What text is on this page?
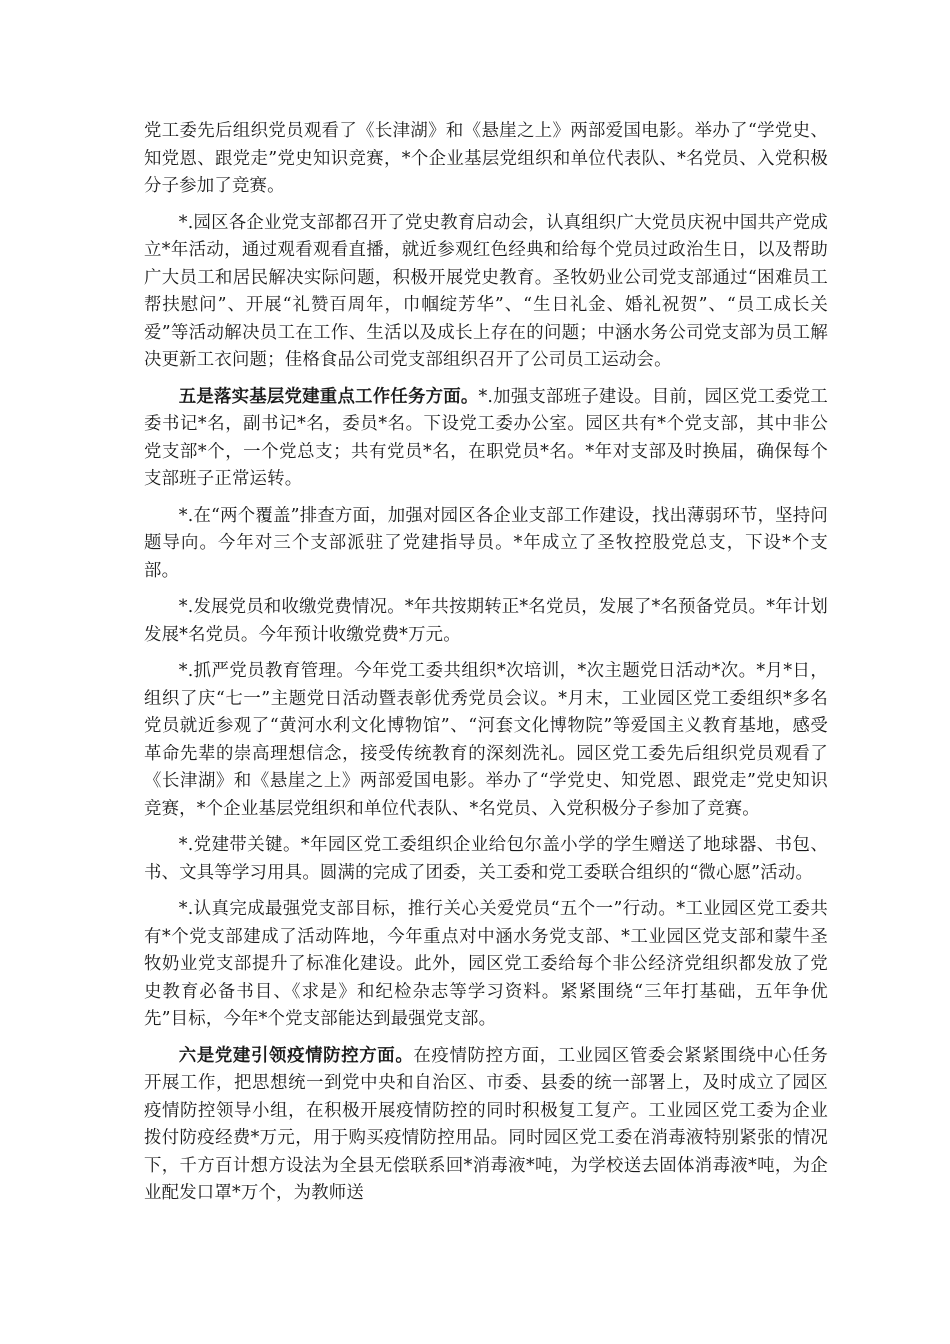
党工委先后组织党员观看了《长津湖》和《悬崖之上》两部爱国电影。举办了“学党史、知党恩、跟党走”党史知识竞赛，*个企业基层党组织和单位代表队、*名党员、入党积极分子参加了竞赛。

*.园区各企业党支部都召开了党史教育启动会，认真组织广大党员庆祝中国共产党成立*年活动，通过观看观看直播，就近参观红色经典和给每个党员过政治生日，以及帮助广大员工和居民解决实际问题，积极开展党史教育。圣牧奶业公司党支部通过“困难员工帮扶慰问”、开展“礼赞百周年，巾帼绽芳华”、“生日礼金、婚礼祝贺”、“员工成长关爱”等活动解决员工在工作、生活以及成长上存在的问题；中涵水务公司党支部为员工解决更新工衣问题；佳格食品公司党支部组织召开了公司员工运动会。

五是落实基层党建重点工作任务方面。*.加强支部班子建设。目前，园区党工委党工委书记*名，副书记*名，委员*名。下设党工委办公室。园区共有*个党支部，其中非公党支部*个，一个党总支；共有党员*名，在职党员*名。*年对支部及时换届，确保每个支部班子正常运转。

*.在“两个覆盖”排查方面，加强对园区各企业支部工作建设，找出薄弱环节，坚持问题导向。今年对三个支部派驻了党建指导员。*年成立了圣牧控股党总支，下设*个支部。

*.发展党员和收缴党费情况。*年共按期转正*名党员，发展了*名预备党员。*年计划发展*名党员。今年预计收缴党费*万元。

*.抓严党员教育管理。今年党工委共组织*次培训，*次主题党日活动*次。*月*日，组织了庆“七一”主题党日活动暨表彰优秀党员会议。*月末，工业园区党工委组织*多名党员就近参观了“黄河水利文化博物馆”、“河套文化博物院”等爱国主义教育基地，感受革命先辈的崇高理想信念，接受传统教育的深刻洗礼。园区党工委先后组织党员观看了《长津湖》和《悬崖之上》两部爱国电影。举办了“学党史、知党恩、跟党走”党史知识竞赛，*个企业基层党组织和单位代表队、*名党员、入党积极分子参加了竞赛。

*.党建带关键。*年园区党工委组织企业给包尔盖小学的学生赠送了地球器、书包、书、文具等学习用具。圆满的完成了团委，关工委和党工委联合组织的“微心愿”活动。

*.认真完成最强党支部目标，推行关心关爱党员“五个一”行动。*工业园区党工委共有*个党支部建成了活动阵地，今年重点对中涵水务党支部、*工业园区党支部和蒙牛圣牧奶业党支部提升了标准化建设。此外，园区党工委给每个非公经济党组织都发放了党史教育必备书目、《求是》和纪检杂志等学习资料。紧紧围绕“三年打基础，五年争优先”目标，今年*个党支部能达到最强党支部。

六是党建引领疫情防控方面。在疫情防控方面，工业园区管委会紧紧围绕中心任务开展工作，把思想统一到党中央和自治区、市委、县委的统一部署上，及时成立了园区疫情防控领导小组，在积极开展疫情防控的同时积极复工复产。工业园区党工委为企业拨付防疫经费*万元，用于购买疫情防控用品。同时园区党工委在消毒液特别紧张的情况下，千方百计想方设法为全县无偿联系回*消毒液*吨，为学校送去固体消毒液*吨，为企业配发口罩*万个，为教师送
